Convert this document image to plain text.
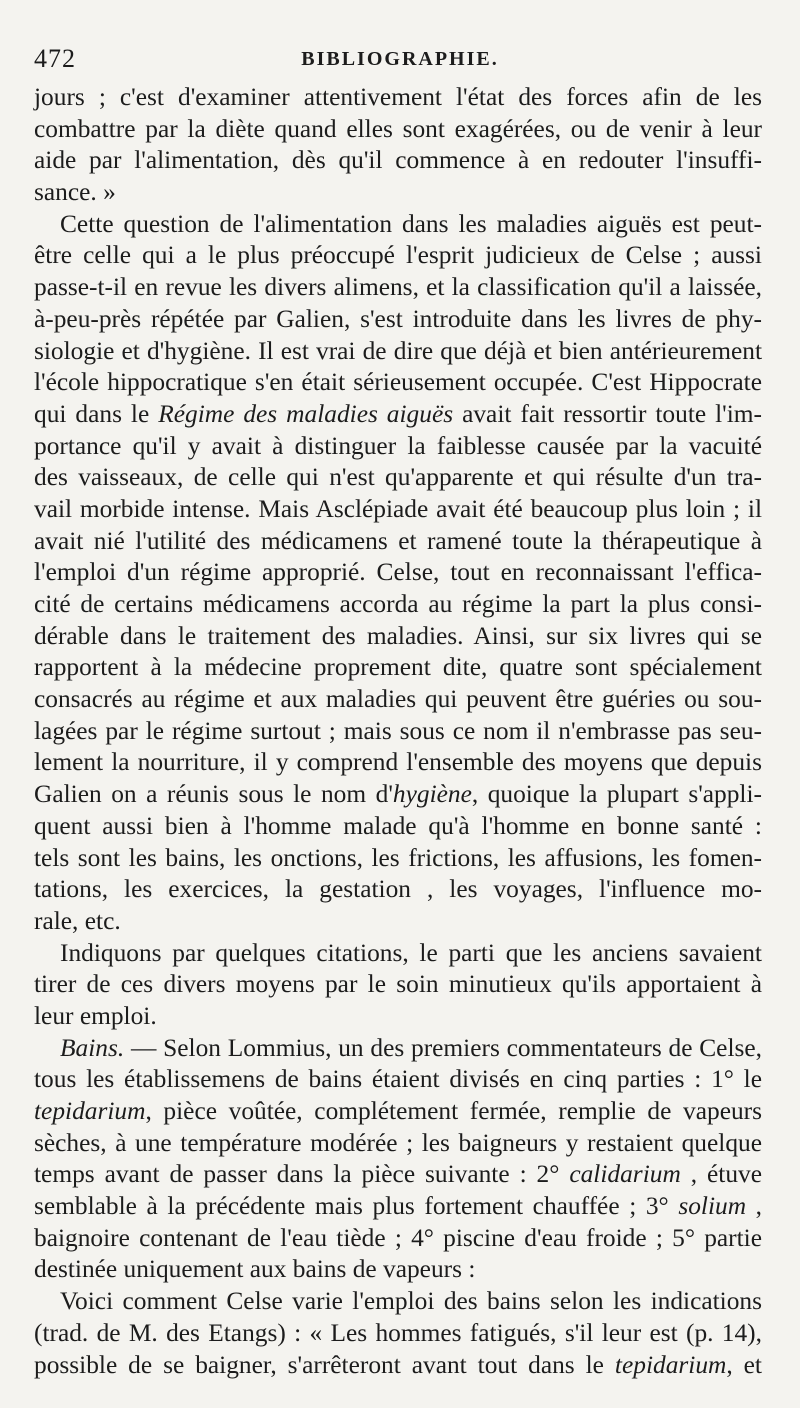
472	BIBLIOGRAPHIE.
jours ; c'est d'examiner attentivement l'état des forces afin de les
combattre par la diète quand elles sont exagérées, ou de venir à leur
aide par l'alimentation, dès qu'il commence à en redouter l'insuffi-
sance. »
Cette question de l'alimentation dans les maladies aiguës est peut-
être celle qui a le plus préoccupé l'esprit judicieux de Celse ; aussi
passe-t-il en revue les divers alimens, et la classification qu'il a laissée,
à-peu-près répétée par Galien, s'est introduite dans les livres de phy-
siologie et d'hygiène. Il est vrai de dire que déjà et bien antérieurement
l'école hippocratique s'en était sérieusement occupée. C'est Hippocrate
qui dans le Régime des maladies aiguës avait fait ressortir toute l'im-
portance qu'il y avait à distinguer la faiblesse causée par la vacuité
des vaisseaux, de celle qui n'est qu'apparente et qui résulte d'un tra-
vail morbide intense. Mais Asclépiade avait été beaucoup plus loin ; il
avait nié l'utilité des médicamens et ramené toute la thérapeutique à
l'emploi d'un régime approprié. Celse, tout en reconnaissant l'effica-
cité de certains médicamens accorda au régime la part la plus consi-
dérable dans le traitement des maladies. Ainsi, sur six livres qui se
rapportent à la médecine proprement dite, quatre sont spécialement
consacrés au régime et aux maladies qui peuvent être guéries ou sou-
lagées par le régime surtout ; mais sous ce nom il n'embrasse pas seu-
lement la nourriture, il y comprend l'ensemble des moyens que depuis
Galien on a réunis sous le nom d'hygiène, quoique la plupart s'appli-
quent aussi bien à l'homme malade qu'à l'homme en bonne santé :
tels sont les bains, les onctions, les frictions, les affusions, les fomen-
tations, les exercices, la gestation , les voyages, l'influence mo-
rale, etc.
Indiquons par quelques citations, le parti que les anciens savaient
tirer de ces divers moyens par le soin minutieux qu'ils apportaient à
leur emploi.
Bains. — Selon Lommius, un des premiers commentateurs de Celse,
tous les établissemens de bains étaient divisés en cinq parties : 1° le
tepidarium, pièce voûtée, complétement fermée, remplie de vapeurs
sèches, à une température modérée ; les baigneurs y restaient quelque
temps avant de passer dans la pièce suivante : 2° calidarium , étuve
semblable à la précédente mais plus fortement chauffée ; 3° solium ,
baignoire contenant de l'eau tiède ; 4° piscine d'eau froide ; 5° partie
destinée uniquement aux bains de vapeurs :
Voici comment Celse varie l'emploi des bains selon les indications
(trad. de M. des Etangs) : « Les hommes fatigués, s'il leur est (p. 14),
possible de se baigner, s'arrêteront avant tout dans le tepidarium, et
